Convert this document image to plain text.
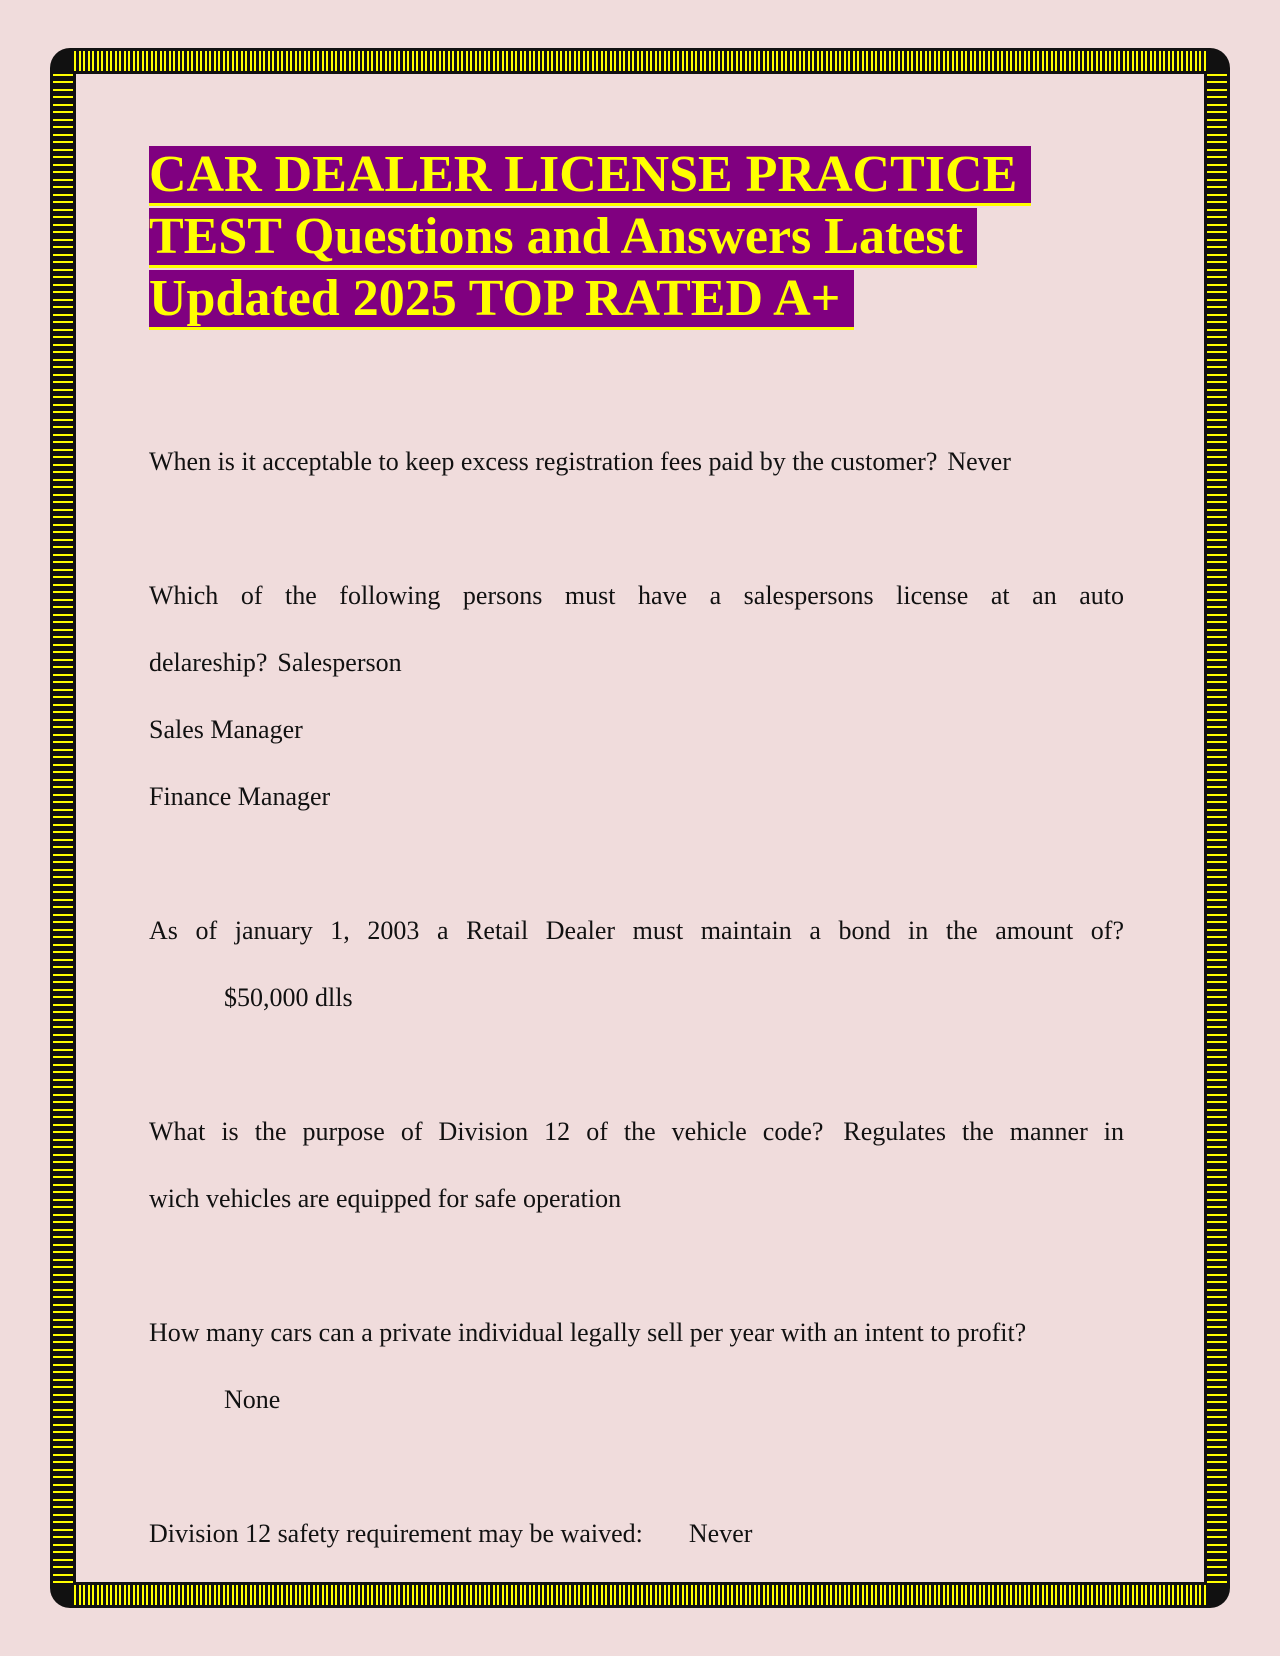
CAR DEALER LICENSE PRACTICE
TEST Questions and Answers Latest
Updated 2025 TOP RATED A+
When is it acceptable to keep excess registration fees paid by the customer? Never
Which of the following persons must have a salespersons license at an auto
delareship? Salesperson
Sales Manager
Finance Manager
As of january 1, 2003 a Retail Dealer must maintain a bond in the amount of?
$50,000 dlls
What is the purpose of Division 12 of the vehicle code? Regulates the manner in
wich vehicles are equipped for safe operation
How many cars can a private individual legally sell per year with an intent to profit?
None
Division 12 safety requirement may be waived: Never
